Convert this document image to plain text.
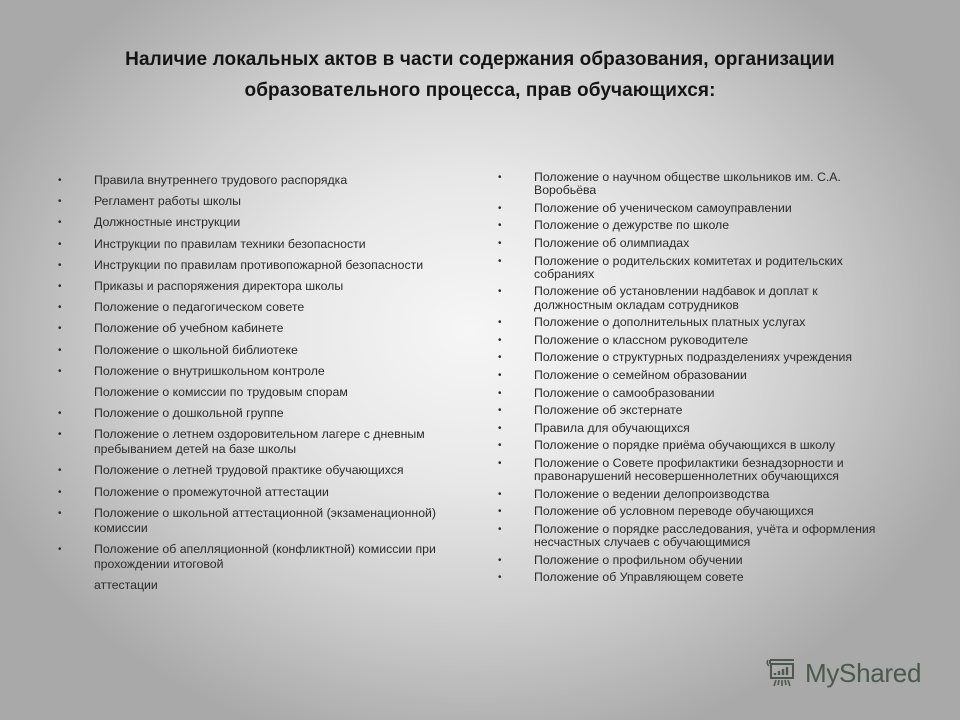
Наличие локальных актов в части содержания образования, организации
образовательного процесса, прав обучающихся:
•	Правила внутреннего трудового распорядка
•	Регламент работы школы
•	Должностные инструкции
•	Инструкции по правилам техники безопасности
•	Инструкции по правилам противопожарной безопасности
•	Приказы и распоряжения директора школы
•	Положение о педагогическом совете
•	Положение об учебном кабинете
•	Положение о школьной библиотеке
•	Положение о внутришкольном контроле
Положение о комиссии по трудовым спорам
•	Положение о дошкольной группе
•	Положение о летнем оздоровительном лагере с дневным пребыванием детей на базе школы
•	Положение о летней трудовой практике обучающихся
•	Положение о промежуточной аттестации
•	Положение о школьной аттестационной (экзаменационной) комиссии
•	Положение об апелляционной (конфликтной) комиссии при прохождении итоговой
аттестации
•	Положение о научном обществе школьников им. С.А. Воробьёва
•	Положение об ученическом самоуправлении
•	Положение о дежурстве по школе
•	Положение об олимпиадах
•	Положение о родительских комитетах и родительских собраниях
•	Положение об установлении надбавок и доплат к должностным окладам сотрудников
•	Положение о дополнительных платных услугах
•	Положение о классном руководителе
•	Положение о структурных подразделениях учреждения
•	Положение о семейном образовании
•	Положение о самообразовании
•	Положение об экстернате
•	Правила для обучающихся
•	Положение о порядке приёма обучающихся в школу
•	Положение о Совете профилактики безнадзорности и правонарушений несовершеннолетних обучающихся
•	Положение о ведении делопроизводства
•	Положение об условном переводе обучающихся
•	Положение о порядке расследования, учёта и оформления несчастных случаев с обучающимися
•	Положение о профильном обучении
•	Положение об Управляющем совете
MyShared
